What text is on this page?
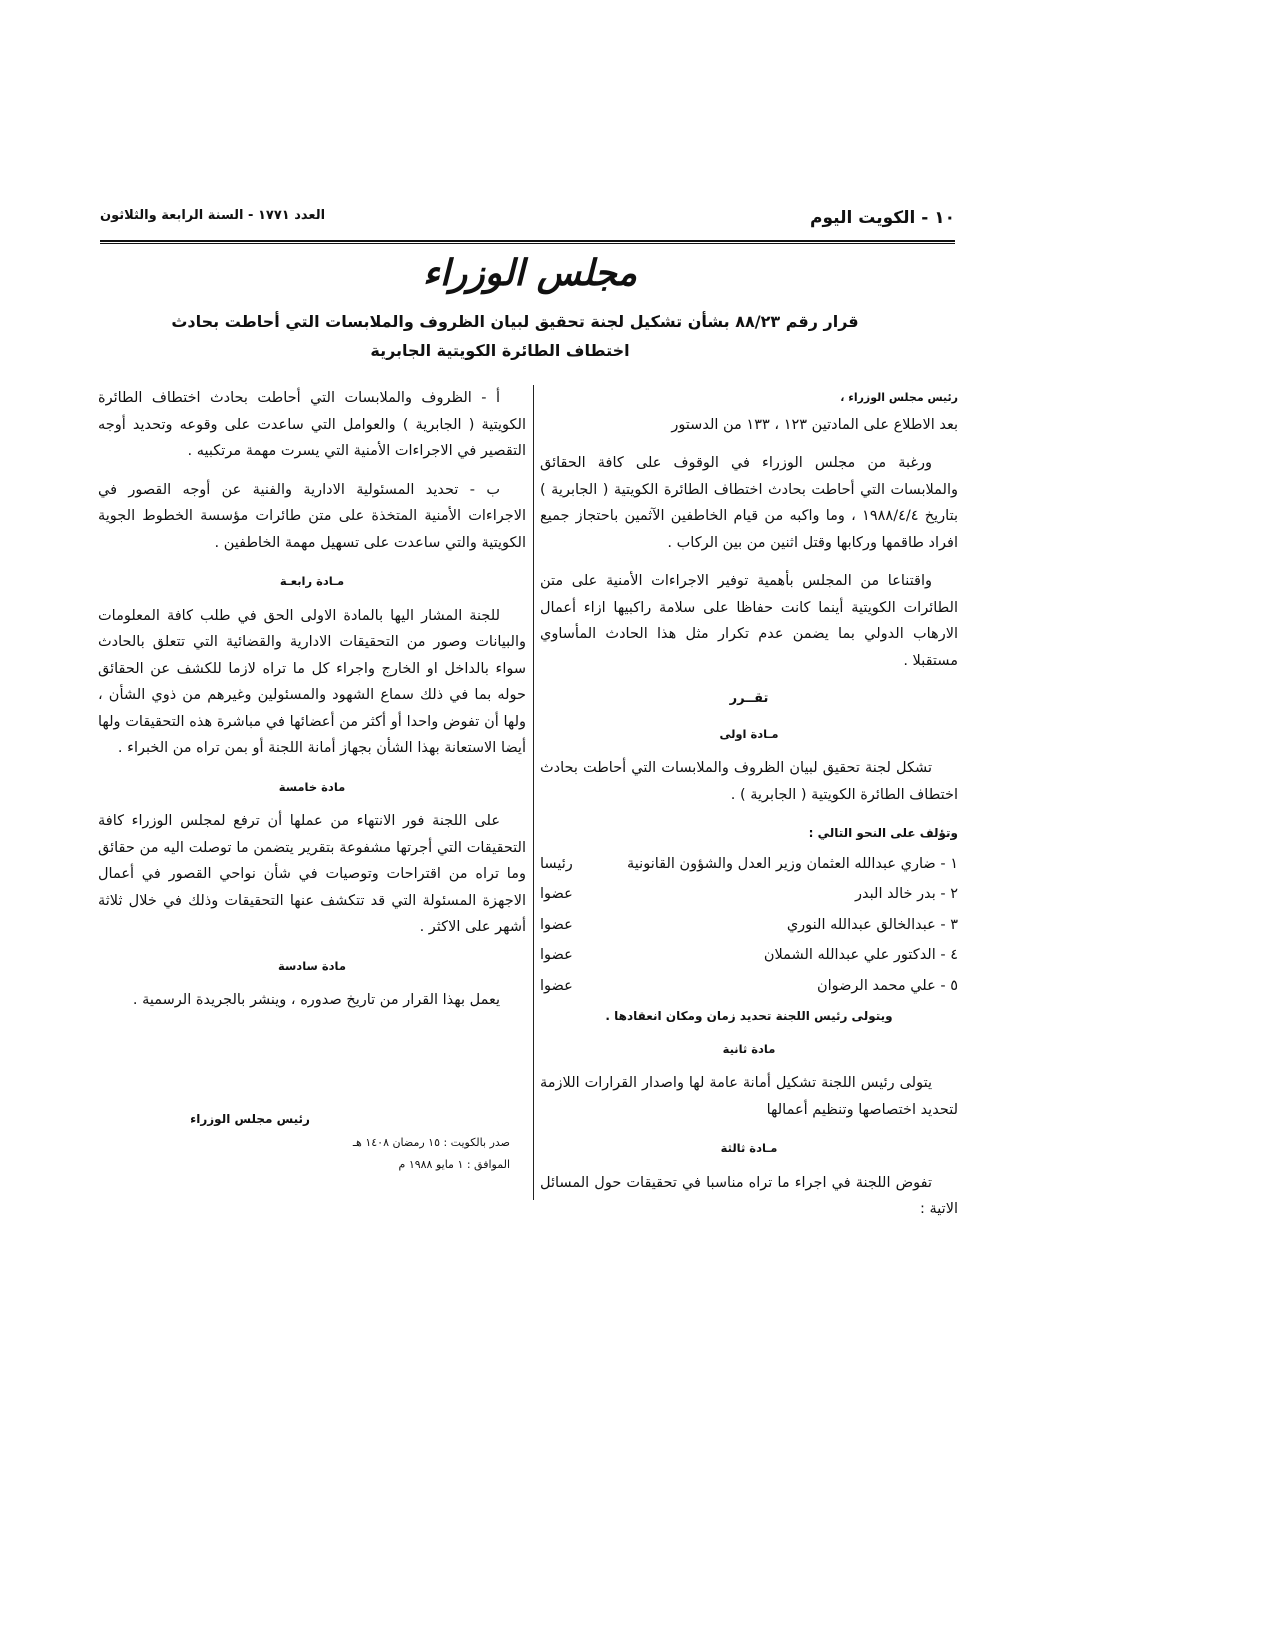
١٠ - الكويت اليوم
العدد ١٧٧١ - السنة الرابعة والثلاثون
مجلس الوزراء
قرار رقم ٨٨/٢٣ بشأن تشكيل لجنة تحقيق لبيان الظروف والملابسات التي أحاطت بحادث
اختطاف الطائرة الكويتية الجابرية
رئيس مجلس الوزراء ،

بعد الاطلاع على المادتين ١٢٣ ، ١٣٣ من الدستور

ورغبة من مجلس الوزراء في الوقوف على كافة الحقائق والملابسات التي أحاطت بحادث اختطاف الطائرة الكويتية ( الجابرية ) بتاريخ ١٩٨٨/٤/٤ ، وما واكبه من قيام الخاطفين الآثمين باحتجاز جميع افراد طاقمها وركابها وقتل اثنين من بين الركاب .

واقتناعا من المجلس بأهمية توفير الاجراءات الأمنية على متن الطائرات الكويتية أينما كانت حفاظا على سلامة راكبيها ازاء أعمال الارهاب الدولي بما يضمن عدم تكرار مثل هذا الحادث المأساوي مستقبلا .

تقــرر
مـادة اولى

تشكل لجنة تحقيق لبيان الظروف والملابسات التي أحاطت بحادث اختطاف الطائرة الكويتية ( الجابرية ) .

وتؤلف على النحو التالي :
١ - ضاري عبدالله العثمان وزير العدل والشؤون القانونية
رئيسا
٢ - بدر خالد البدر
عضوا
٣ - عبدالخالق عبدالله النوري
عضوا
٤ - الدكتور علي عبدالله الشملان
عضوا
٥ - علي محمد الرضوان
عضوا
ويتولى رئيس اللجنة تحديد زمان ومكان انعقادها .
مادة ثانية

يتولى رئيس اللجنة تشكيل أمانة عامة لها واصدار القرارات اللازمة لتحديد اختصاصها وتنظيم أعمالها

مـادة ثالثة

تفوض اللجنة في اجراء ما تراه مناسبا في تحقيقات حول المسائل الاتية :

أ - الظروف والملابسات التي أحاطت بحادث اختطاف الطائرة الكويتية ( الجابرية ) والعوامل التي ساعدت على وقوعه وتحديد أوجه التقصير في الاجراءات الأمنية التي يسرت مهمة مرتكبيه .

ب - تحديد المسئولية الادارية والفنية عن أوجه القصور في الاجراءات الأمنية المتخذة على متن طائرات مؤسسة الخطوط الجوية الكويتية والتي ساعدت على تسهيل مهمة الخاطفين .

مـادة رابعـة

للجنة المشار اليها بالمادة الاولى الحق في طلب كافة المعلومات والبيانات وصور من التحقيقات الادارية والقضائية التي تتعلق بالحادث سواء بالداخل او الخارج واجراء كل ما تراه لازما للكشف عن الحقائق حوله بما في ذلك سماع الشهود والمسئولين وغيرهم من ذوي الشأن ، ولها أن تفوض واحدا أو أكثر من أعضائها في مباشرة هذه التحقيقات ولها أيضا الاستعانة بهذا الشأن بجهاز أمانة اللجنة أو بمن تراه من الخبراء .

مادة خامسة

على اللجنة فور الانتهاء من عملها أن ترفع لمجلس الوزراء كافة التحقيقات التي أجرتها مشفوعة بتقرير يتضمن ما توصلت اليه من حقائق وما تراه من اقتراحات وتوصيات في شأن نواحي القصور في أعمال الاجهزة المسئولة التي قد تتكشف عنها التحقيقات وذلك في خلال ثلاثة أشهر على الاكثر .

مادة سادسة

يعمل بهذا القرار من تاريخ صدوره ، وينشر بالجريدة الرسمية .

رئيس مجلس الوزراء
صدر بالكويت : ١٥ رمضان ١٤٠٨ هـ
الموافق : ١ مايو ١٩٨٨ م
